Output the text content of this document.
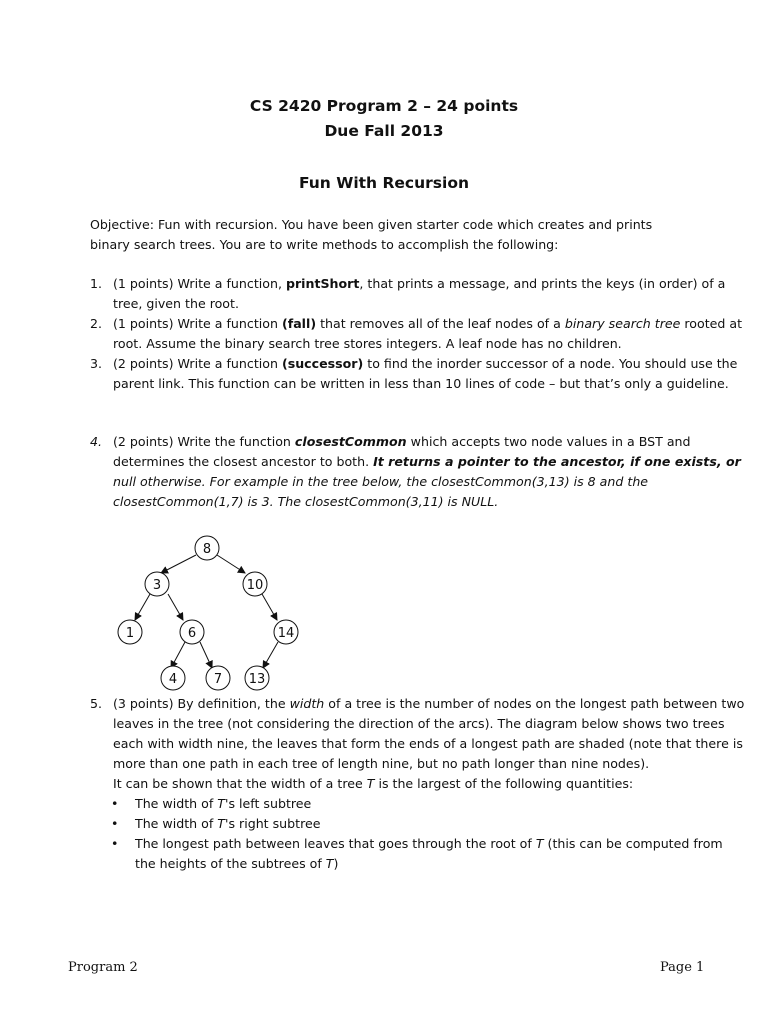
CS 2420 Program 2 – 24 points
Due Fall 2013
Fun With Recursion
Objective: Fun with recursion. You have been given starter code which creates and prints
binary search trees. You are to write methods to accomplish the following:
1. (1 points) Write a function, printShort, that prints a message, and prints the keys (in order) of a tree, given the root.
2. (1 points) Write a function (fall) that removes all of the leaf nodes of a binary search tree rooted at root. Assume the binary search tree stores integers. A leaf node has no children.
3. (2 points) Write a function (successor) to find the inorder successor of a node. You should use the parent link. This function can be written in less than 10 lines of code – but that’s only a guideline.
4. (2 points) Write the function closestCommon which accepts two node values in a BST and determines the closest ancestor to both. It returns a pointer to the ancestor, if one exists, or null otherwise. For example in the tree below, the closestCommon(3,13) is 8 and the closestCommon(1,7) is 3. The closestCommon(3,11) is NULL.
8
3	10
1	6	14
4	7 13
5. (3 points) By definition, the width of a tree is the number of nodes on the longest path between two leaves in the tree (not considering the direction of the arcs). The diagram below shows two trees each with width nine, the leaves that form the ends of a longest path are shaded (note that there is more than one path in each tree of length nine, but no path longer than nine nodes).
It can be shown that the width of a tree T is the largest of the following quantities:
• The width of T's left subtree
• The width of T's right subtree
• The longest path between leaves that goes through the root of T (this can be computed from the heights of the subtrees of T)
Program 2	Page 1
